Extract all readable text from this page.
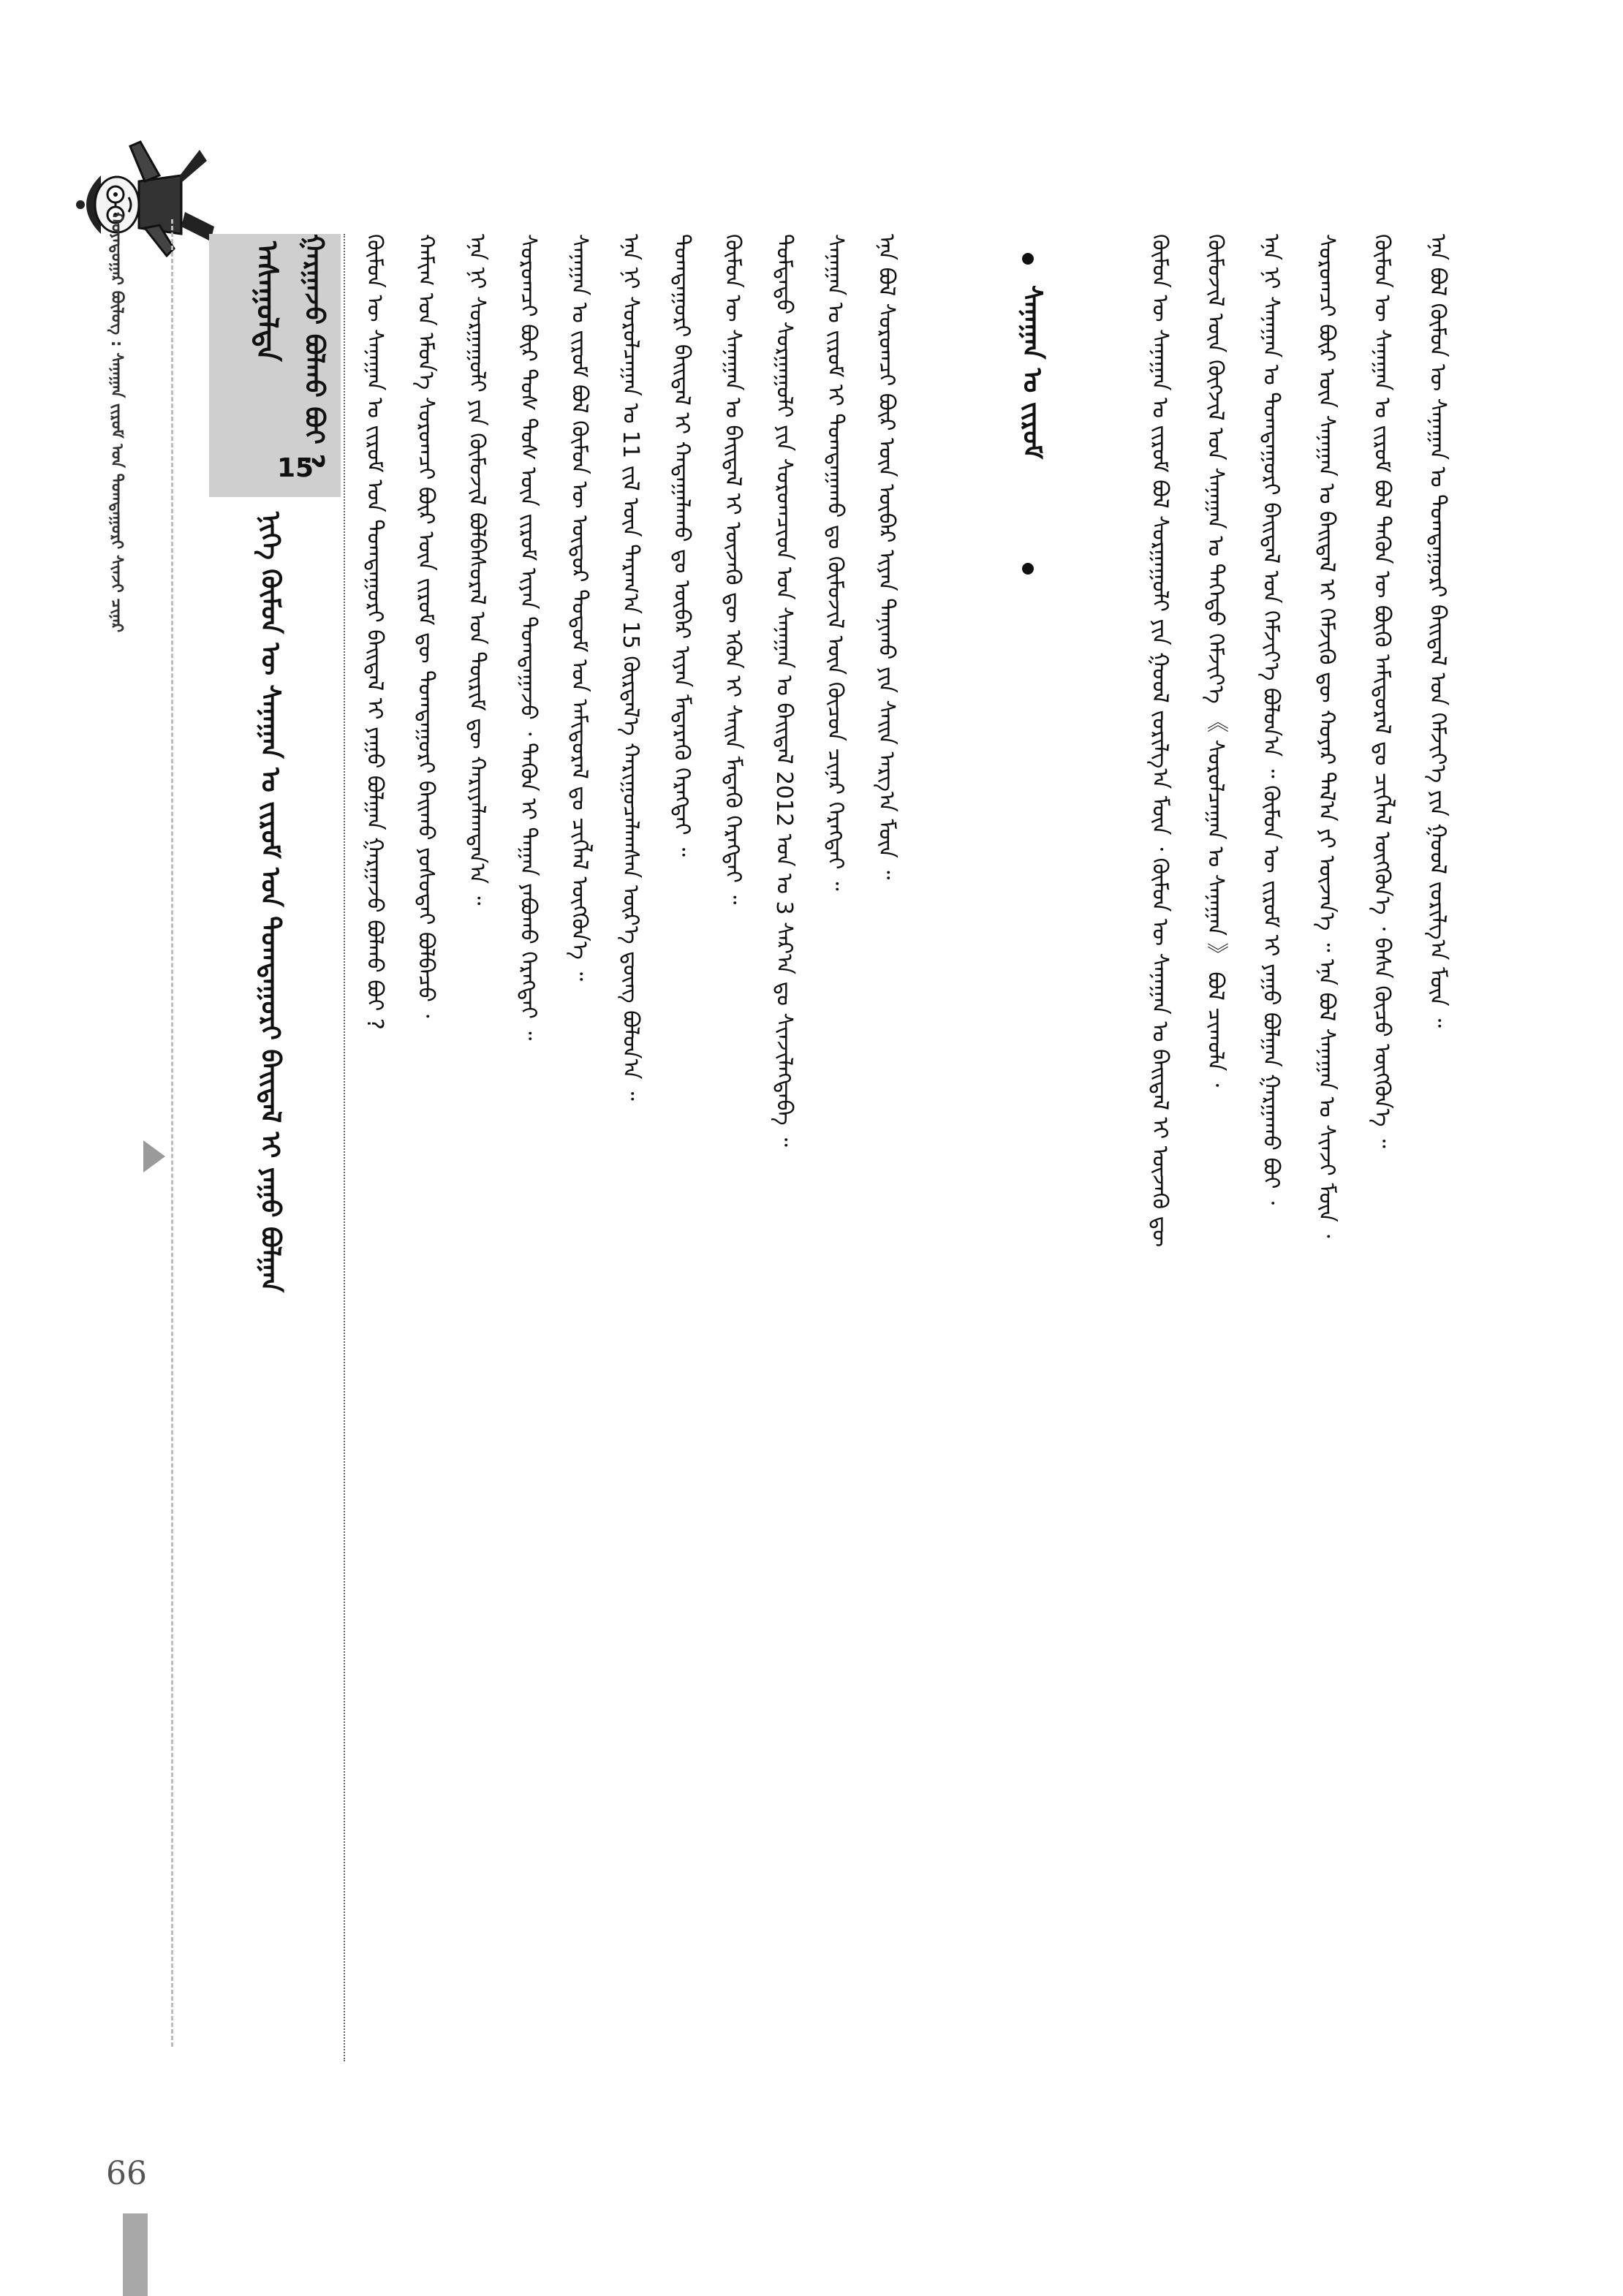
ᠬᠣᠶᠠᠳᠤᠭᠠᠷ ᠪᠦᠯᠦᠭ : ᠰᠠᠨᠠᠭᠠᠨ ᠵᠢᠷᠤᠮ ᠤᠨ ᠲᠣᠭᠲᠠᠭᠤᠷᠢ ᠰᠢᠨᠵᠢ ᠴᠢᠨᠠᠷ	ᠠᠰᠠᠭᠤᠯᠲᠠ
15
ᠨᠢᠭᠡ ᠬᠦᠮᠦᠨ ᠦ ᠰᠠᠨᠠᠭᠠᠨ ᠤ ᠵᠢᠷᠤᠮ ᠤᠨ ᠲᠣᠭᠲᠠᠭᠤᠷᠢ ᠪᠠᠢᠳᠠᠯ ᠢ ᠶᠠᠭᠤ ᠪᠣᠯᠭᠠᠨ
ᠭᠠᠷᠭᠠᠵᠤ ᠪᠣᠯᠬᠤ ᠪᠤᠢ ?	ᠬᠦᠮᠦᠨ ᠦ ᠰᠠᠨᠠᠭᠠᠨ ᠤ ᠵᠢᠷᠤᠮ ᠤᠨ ᠲᠣᠭᠲᠠᠭᠤᠷᠢ ᠪᠠᠢᠳᠠᠯ ᠢ ᠶᠠᠭᠤ ᠪᠣᠯᠭᠠᠨ ᠭᠠᠷᠭᠠᠵᠤ ᠪᠣᠯᠬᠤ ᠪᠤᠢ ?	ᠬᠠᠮᠢᠭ ᠤᠨ ᠡᠮᠦᠨ᠎ᠡ ᠰᠤᠷᠤᠭᠴᠢ ᠪᠦᠷ ᠦᠨ ᠵᠢᠷᠤᠮ ᠳᠦ ᠲᠣᠭᠲᠠᠭᠤᠷᠢ ᠪᠠᠢᠬᠤ ᠶᠣᠰᠣᠲᠠᠢ ᠪᠣᠯᠪᠠᠴᠤ ᠂	ᠡᠨᠡ ᠨᠢ ᠰᠤᠷᠭᠠᠭᠤᠯᠢ ᠶᠢᠨ ᠬᠦᠮᠦᠵᠢᠯ ᠪᠣᠯᠪᠠᠰᠤᠷᠠᠯ ᠤᠨ ᠳᠦᠷᠢᠮ ᠳᠦ ᠬᠠᠷᠢᠶᠠᠯᠠᠭᠳᠠᠨ᠎ᠠ ᠃	ᠰᠤᠷᠤᠭᠴᠢ ᠪᠦᠷ ᠲᠤᠰ ᠲᠤᠰ ᠦᠨ ᠵᠢᠷᠤᠮ ᠢᠶᠠᠨ ᠲᠣᠭᠲᠠᠭᠠᠵᠤ ᠂ ᠲᠡᠭᠦᠨ ᠢ ᠳᠠᠭᠠᠨ ᠶᠠᠪᠤᠬᠤ ᠬᠡᠷᠡᠭᠲᠡᠢ ᠃	ᠰᠠᠨᠠᠭᠠᠨ ᠤ ᠵᠢᠷᠤᠮ ᠪᠣᠯ ᠬᠦᠮᠦᠨ ᠦ ᠥᠳᠦᠷ ᠲᠤᠲᠤᠮ ᠤᠨ ᠠᠮᠢᠳᠤᠷᠠᠯ ᠳᠤ ᠴᠢᠭᠯᠡᠯ ᠥᠭᠭᠦᠨ᠎ᠡ ᠃	ᠡᠨᠡ ᠨᠢ ᠰᠤᠷᠤᠯᠴᠠᠭᠠᠨ ᠤ 11 ᠵᠢᠯ ᠦᠨ ᠳᠠᠷᠠᠭ᠎ᠠ 15 ᠬᠦᠷᠲᠡᠯ᠎ᠡ ᠬᠠᠷᠢᠭᠤᠴᠠᠯᠠᠭᠰᠠᠨ ᠦᠷ᠎ᠡ ᠳ᠋ᠦᠩ ᠪᠣᠯᠤᠨ᠎ᠠ ᠃	ᠲᠣᠭᠲᠠᠭᠤᠷᠢ ᠪᠠᠢᠳᠠᠯ ᠢ ᠬᠠᠳᠠᠭᠠᠯᠠᠬᠤ ᠳᠤ ᠥᠪᠡᠷ ᠢᠶᠡᠨ ᠮᠡᠳᠡᠷᠡᠬᠦ ᠬᠡᠷᠡᠭᠲᠡᠢ ᠃	ᠬᠦᠮᠦᠨ ᠦ ᠰᠠᠨᠠᠭᠠᠨ ᠤ ᠪᠠᠢᠳᠠᠯ ᠢ ᠦᠵᠡᠬᠦ ᠳᠦ ᠡᠭᠦᠨ ᠢ ᠰᠠᠢᠨ ᠮᠡᠳᠡᠬᠦ ᠬᠡᠷᠡᠭᠲᠡᠢ ᠃	ᠳᠤᠮᠳᠠᠳᠤ ᠰᠤᠷᠭᠠᠭᠤᠯᠢ ᠶᠢᠨ ᠰᠤᠷᠤᠭᠴᠢᠳ ᠤᠨ ᠰᠠᠨᠠᠭᠠᠨ ᠤ ᠪᠠᠢᠳᠠᠯ 2012 ᠣᠨ ᠤ 3 ᠰᠠᠷ᠎ᠠ ᠳᠤ ᠰᠢᠨᠵᠢᠯᠡᠭᠳᠡᠪᠡ ᠃	ᠰᠠᠨᠠᠭᠠᠨ ᠤ ᠵᠢᠷᠤᠮ ᠢ ᠲᠣᠭᠲᠠᠭᠠᠬᠤ ᠳᠤ ᠬᠦᠮᠦᠵᠢᠯ ᠦᠨ ᠬᠦᠴᠦᠨ ᠴᠢᠨᠠᠷ ᠬᠡᠷᠡᠭᠲᠡᠢ ᠃	ᠡᠨᠡ ᠪᠣᠯ ᠰᠤᠷᠤᠭᠴᠢ ᠪᠦᠷ ᠦᠨ ᠥᠪᠡᠷ ᠢᠶᠡᠨ ᠲᠠᠨᠢᠬᠤ ᠶᠢᠨ ᠰᠠᠢᠨ ᠠᠷᠭ᠎ᠠ ᠮᠦᠨ ᠃	ᠰᠠᠨᠠᠭᠠᠨ ᠤ ᠵᠢᠷᠤᠮ	ᠬᠦᠮᠦᠨ ᠦ ᠰᠠᠨᠠᠭᠠᠨ ᠤ ᠵᠢᠷᠤᠮ ᠪᠣᠯ ᠰᠤᠷᠭᠠᠭᠤᠯᠢ ᠶᠢᠨ ᠭᠣᠣᠯ ᠵᠣᠷᠢᠯᠭ᠎ᠠ ᠮᠦᠨ ᠂ ᠬᠦᠮᠦᠨ ᠦ ᠰᠠᠨᠠᠭᠠᠨ ᠤ ᠪᠠᠢᠳᠠᠯ ᠢ ᠦᠵᠡᠬᠦ ᠳᠦ	ᠬᠦᠮᠦᠵᠢᠯ ᠦᠨ ᠬᠥᠭᠵᠢᠯ ᠤᠨ ᠰᠠᠨᠠᠭᠠᠨ ᠤ ᠳᠡᠭᠡᠳᠦ ᠬᠡᠮᠵᠢᠶ᠎ᠡ 《 ᠰᠤᠷᠤᠯᠴᠠᠭᠠᠨ ᠤ ᠰᠠᠨᠠᠭᠠᠨ 》 ᠪᠣᠯ ᠴᠢᠬᠤᠯᠠ ᠂	ᠡᠨᠡ ᠨᠢ ᠰᠠᠨᠠᠭᠠᠨ ᠤ ᠲᠣᠭᠲᠠᠭᠤᠷᠢ ᠪᠠᠢᠳᠠᠯ ᠤᠨ ᠬᠡᠮᠵᠢᠶ᠎ᠡ ᠪᠣᠯᠤᠨ᠎ᠠ ᠃ ᠬᠦᠮᠦᠨ ᠦ ᠵᠢᠷᠤᠮ ᠢ ᠶᠠᠭᠤ ᠪᠣᠯᠭᠠᠨ ᠭᠠᠷᠭᠠᠬᠤ ᠪᠤᠢ ᠂	ᠰᠤᠷᠤᠭᠴᠢ ᠪᠦᠷ ᠦᠨ ᠰᠠᠨᠠᠭᠠᠨ ᠤ ᠪᠠᠢᠳᠠᠯ ᠢ ᠬᠡᠮᠵᠢᠬᠦ ᠳᠦ ᠬᠣᠶᠠᠷ ᠲᠠᠯ᠎ᠠ ᠶᠢ ᠦᠵᠡᠨ᠎ᠡ ᠃ ᠡᠨᠡ ᠪᠣᠯ ᠰᠠᠨᠠᠭᠠᠨ ᠤ ᠰᠢᠨᠵᠢ ᠮᠦᠨ ᠂	ᠬᠦᠮᠦᠨ ᠦ ᠰᠠᠨᠠᠭᠠᠨ ᠤ ᠵᠢᠷᠤᠮ ᠪᠣᠯ ᠲᠡᠭᠦᠨ ᠦ ᠪᠦᠬᠦ ᠠᠮᠢᠳᠤᠷᠠᠯ ᠳᠤ ᠴᠢᠭᠯᠡᠯ ᠥᠭᠭᠦᠨ᠎ᠡ ᠂ ᠪᠠᠰᠠ ᠬᠦᠴᠦ ᠥᠭᠭᠦᠨ᠎ᠡ ᠃	ᠡᠨᠡ ᠪᠣᠯ ᠬᠦᠮᠦᠨ ᠦ ᠰᠠᠨᠠᠭᠠᠨ ᠤ ᠲᠣᠭᠲᠠᠭᠤᠷᠢ ᠪᠠᠢᠳᠠᠯ ᠤᠨ ᠬᠡᠮᠵᠢᠶ᠎ᠡ ᠶᠢᠨ ᠭᠣᠣᠯ ᠵᠣᠷᠢᠯᠭ᠎ᠠ ᠮᠦᠨ ᠃
66
